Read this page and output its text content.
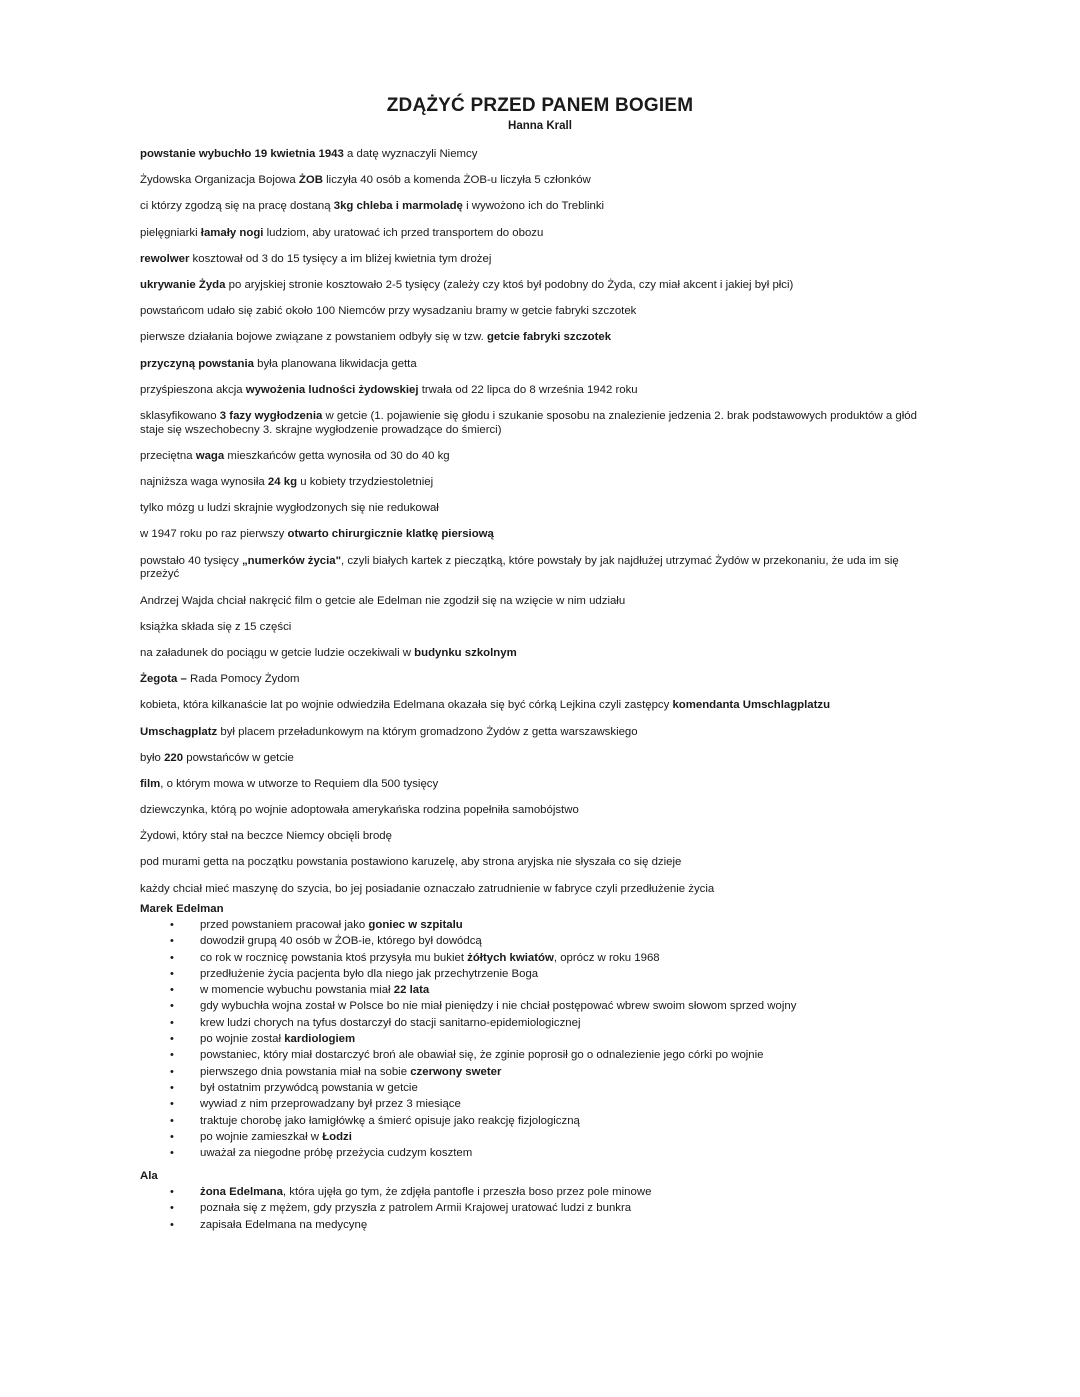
ZDĄŻYĆ PRZED PANEM BOGIEM
Hanna Krall

powstanie wybuchło 19 kwietnia 1943 a datę wyznaczyli Niemcy

Żydowska Organizacja Bojowa ŻOB liczyła 40 osób a komenda ŻOB-u liczyła 5 członków

ci którzy zgodzą się na pracę dostaną 3kg chleba i marmoladę i wywożono ich do Treblinki

pielęgniarki łamały nogi ludziom, aby uratować ich przed transportem do obozu

rewolwer kosztował od 3 do 15 tysięcy a im bliżej kwietnia tym drożej

ukrywanie Żyda po aryjskiej stronie kosztowało 2-5 tysięcy (zależy czy ktoś był podobny do Żyda, czy miał akcent i jakiej był płci)

powstańcom udało się zabić około 100 Niemców przy wysadzaniu bramy w getcie fabryki szczotek

pierwsze działania bojowe związane z powstaniem odbyły się w tzw. getcie fabryki szczotek

przyczyną powstania była planowana likwidacja getta

przyśpieszona akcja wywożenia ludności żydowskiej trwała od 22 lipca do 8 września 1942 roku

sklasyfikowano 3 fazy wygłodzenia w getcie (1. pojawienie się głodu i szukanie sposobu na znalezienie jedzenia 2. brak podstawowych produktów a głód staje się wszechobecny 3. skrajne wygłodzenie prowadzące do śmierci)

przeciętna waga mieszkańców getta wynosiła od 30 do 40 kg

najniższa waga wynosiła 24 kg u kobiety trzydziestoletniej

tylko mózg u ludzi skrajnie wygłodzonych się nie redukował

w 1947 roku po raz pierwszy otwarto chirurgicznie klatkę piersiową

powstało 40 tysięcy „numerków życia", czyli białych kartek z pieczątką, które powstały by jak najdłużej utrzymać Żydów w przekonaniu, że uda im się przeżyć

Andrzej Wajda chciał nakręcić film o getcie ale Edelman nie zgodził się na wzięcie w nim udziału

książka składa się z 15 części

na załadunek do pociągu w getcie ludzie oczekiwali w budynku szkolnym

Żegota – Rada Pomocy Żydom

kobieta, która kilkanaście lat po wojnie odwiedziła Edelmana okazała się być córką Lejkina czyli zastępcy komendanta Umschlagplatzu

Umschagplatz był placem przeładunkowym na którym gromadzono Żydów z getta warszawskiego

było 220 powstańców w getcie

film, o którym mowa w utworze to Requiem dla 500 tysięcy

dziewczynka, którą po wojnie adoptowała amerykańska rodzina popełniła samobójstwo

Żydowi, który stał na beczce Niemcy obcięli brodę

pod murami getta na początku powstania postawiono karuzelę, aby strona aryjska nie słyszała co się dzieje

każdy chciał mieć maszynę do szycia, bo jej posiadanie oznaczało zatrudnienie w fabryce czyli przedłużenie życia

Marek Edelman
• przed powstaniem pracował jako goniec w szpitalu
• dowodził grupą 40 osób w ŻOB-ie, którego był dowódcą
• co rok w rocznicę powstania ktoś przysyła mu bukiet żółtych kwiatów, oprócz w roku 1968
• przedłużenie życia pacjenta było dla niego jak przechytrzenie Boga
• w momencie wybuchu powstania miał 22 lata
• gdy wybuchła wojna został w Polsce bo nie miał pieniędzy i nie chciał postępować wbrew swoim słowom sprzed wojny
• krew ludzi chorych na tyfus dostarczył do stacji sanitarno-epidemiologicznej
• po wojnie został kardiologiem
• powstaniec, który miał dostarczyć broń ale obawiał się, że zginie poprosił go o odnalezienie jego córki po wojnie
• pierwszego dnia powstania miał na sobie czerwony sweter
• był ostatnim przywódcą powstania w getcie
• wywiad z nim przeprowadzany był przez 3 miesiące
• traktuje chorobę jako łamigłówkę a śmierć opisuje jako reakcję fizjologiczną
• po wojnie zamieszkał w Łodzi
• uważał za niegodne próbę przeżycia cudzym kosztem
Ala
• żona Edelmana, która ujęła go tym, że zdjęła pantofle i przeszła boso przez pole minowe
• poznała się z mężem, gdy przyszła z patrolem Armii Krajowej uratować ludzi z bunkra
• zapisała Edelmana na medycynę
